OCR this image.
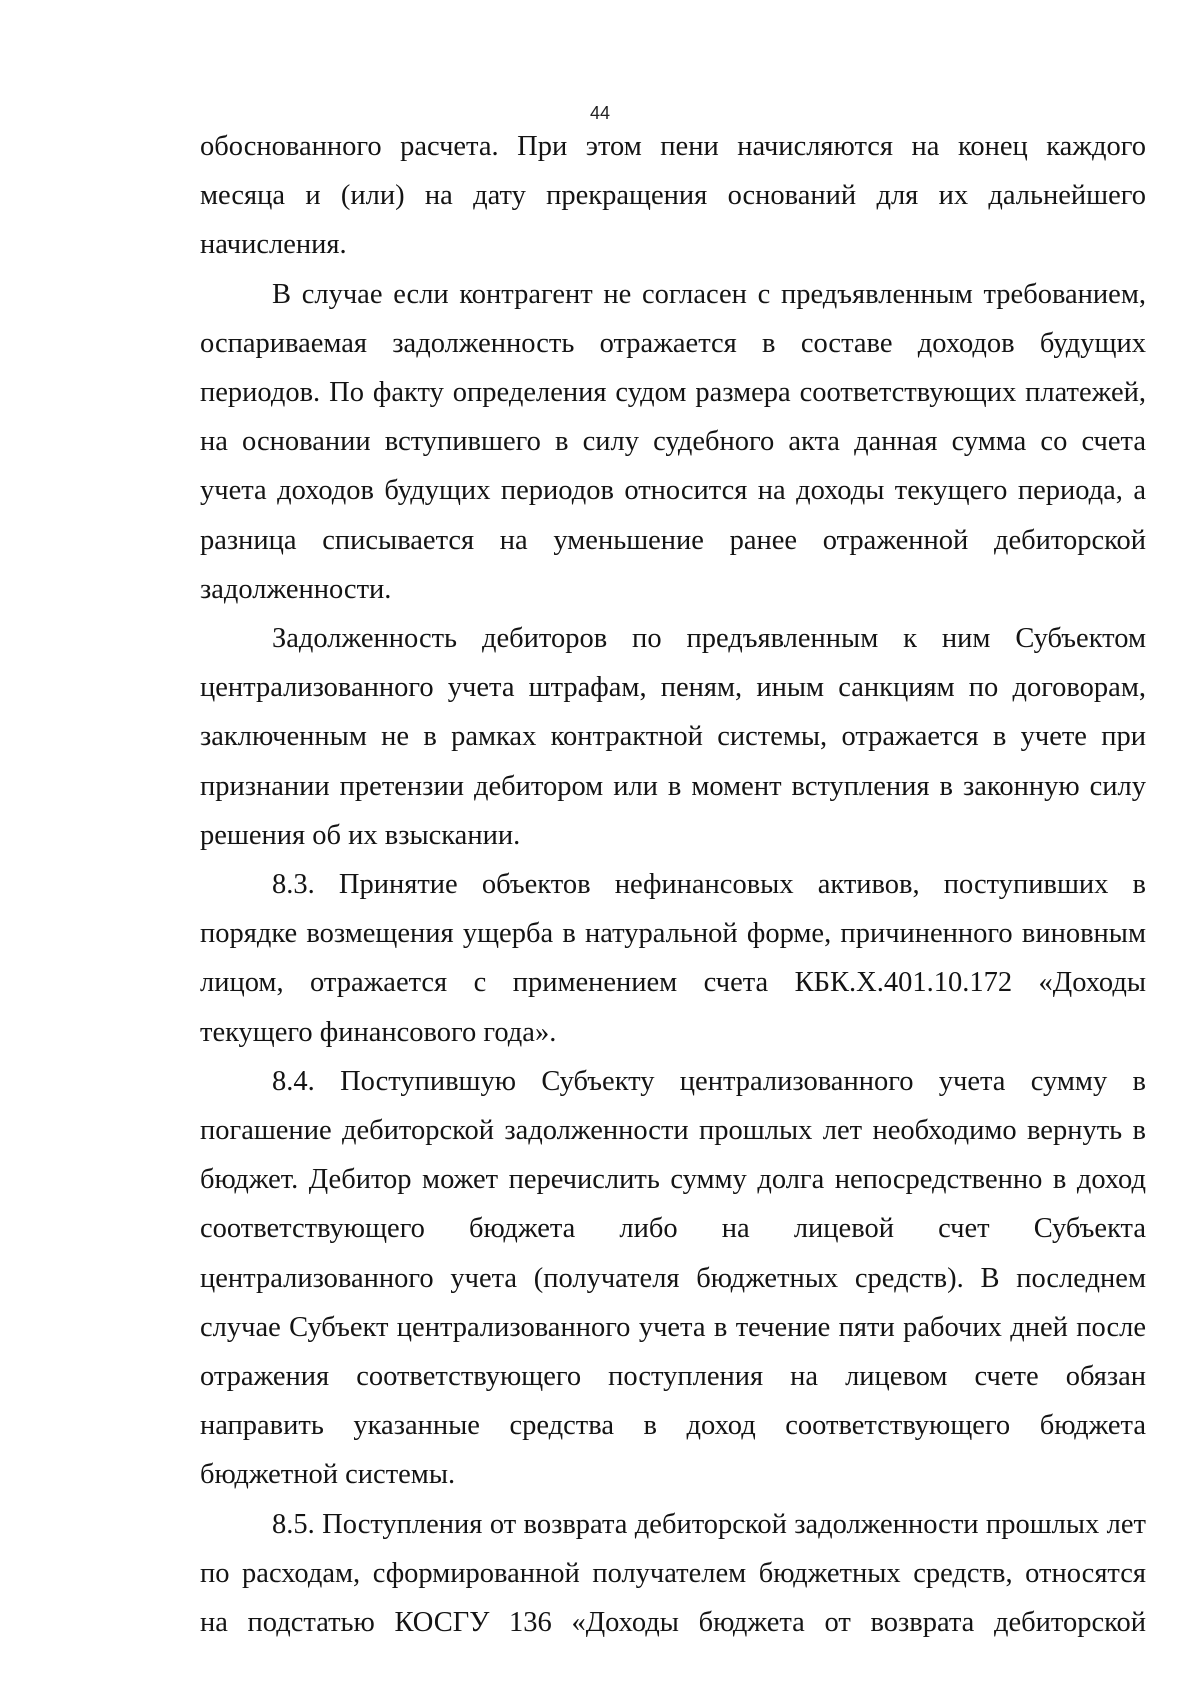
44

обоснованного расчета. При этом пени начисляются на конец каждого месяца и (или) на дату прекращения оснований для их дальнейшего начисления.

В случае если контрагент не согласен с предъявленным требованием, оспариваемая задолженность отражается в составе доходов будущих периодов. По факту определения судом размера соответствующих платежей, на основании вступившего в силу судебного акта данная сумма со счета учета доходов будущих периодов относится на доходы текущего периода, а разница списывается на уменьшение ранее отраженной дебиторской задолженности.

Задолженность дебиторов по предъявленным к ним Субъектом централизованного учета штрафам, пеням, иным санкциям по договорам, заключенным не в рамках контрактной системы, отражается в учете при признании претензии дебитором или в момент вступления в законную силу решения об их взыскании.

8.3. Принятие объектов нефинансовых активов, поступивших в порядке возмещения ущерба в натуральной форме, причиненного виновным лицом, отражается с применением счета КБК.Х.401.10.172 «Доходы текущего финансового года».

8.4. Поступившую Субъекту централизованного учета сумму в погашение дебиторской задолженности прошлых лет необходимо вернуть в бюджет. Дебитор может перечислить сумму долга непосредственно в доход соответствующего бюджета либо на лицевой счет Субъекта централизованного учета (получателя бюджетных средств). В последнем случае Субъект централизованного учета в течение пяти рабочих дней после отражения соответствующего поступления на лицевом счете обязан направить указанные средства в доход соответствующего бюджета бюджетной системы.

8.5. Поступления от возврата дебиторской задолженности прошлых лет по расходам, сформированной получателем бюджетных средств, относятся на подстатью КОСГУ 136 «Доходы бюджета от возврата дебиторской
